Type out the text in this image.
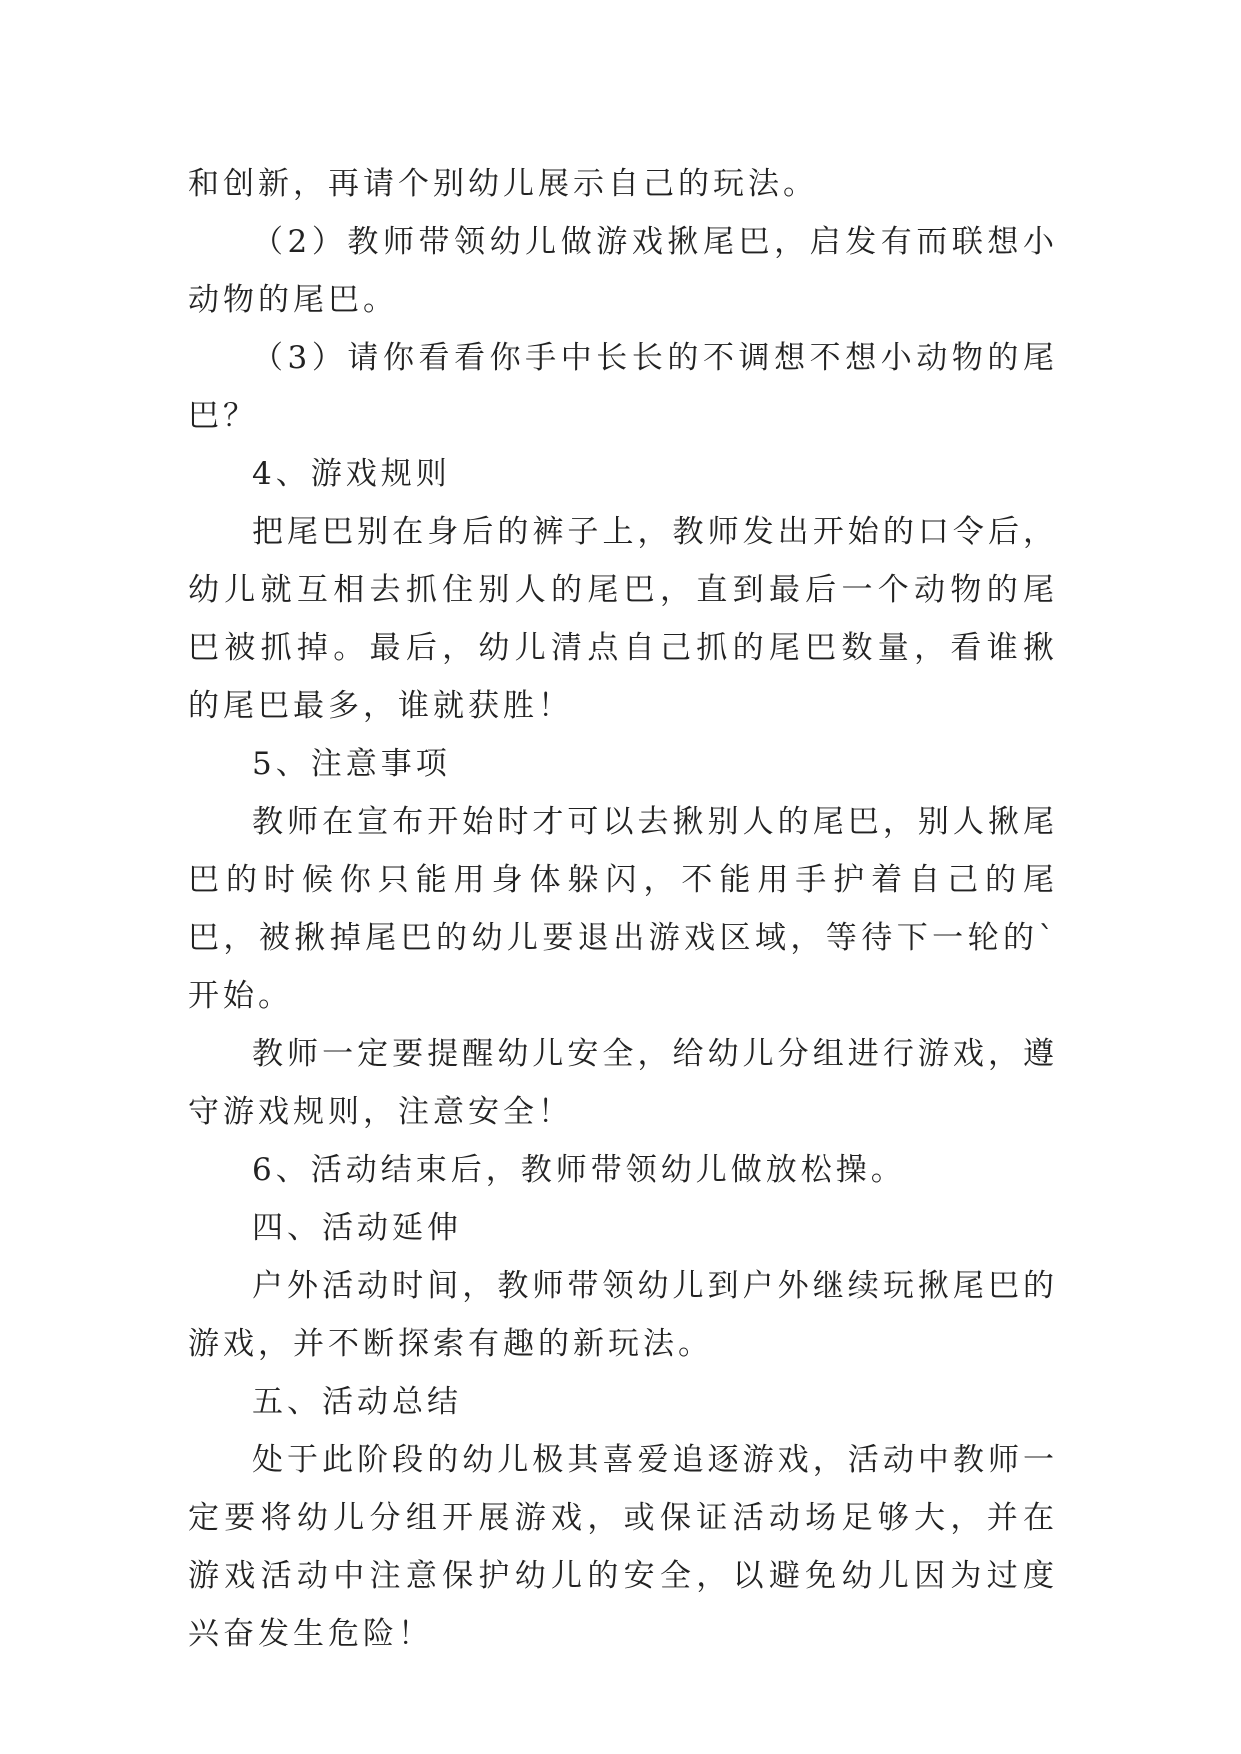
和创新，再请个别幼儿展示自己的玩法。

（2）教师带领幼儿做游戏揪尾巴，启发有而联想小动物的尾巴。

（3）请你看看你手中长长的不调想不想小动物的尾巴？

4、游戏规则

把尾巴别在身后的裤子上，教师发出开始的口令后，幼儿就互相去抓住别人的尾巴，直到最后一个动物的尾巴被抓掉。最后，幼儿清点自己抓的尾巴数量，看谁揪的尾巴最多，谁就获胜！

5、注意事项

教师在宣布开始时才可以去揪别人的尾巴，别人揪尾巴的时候你只能用身体躲闪，不能用手护着自己的尾巴，被揪掉尾巴的幼儿要退出游戏区域，等待下一轮的`开始。

教师一定要提醒幼儿安全，给幼儿分组进行游戏，遵守游戏规则，注意安全！

6、活动结束后，教师带领幼儿做放松操。

四、活动延伸

户外活动时间，教师带领幼儿到户外继续玩揪尾巴的游戏，并不断探索有趣的新玩法。

五、活动总结

处于此阶段的幼儿极其喜爱追逐游戏，活动中教师一定要将幼儿分组开展游戏，或保证活动场足够大，并在游戏活动中注意保护幼儿的安全，以避免幼儿因为过度兴奋发生危险！
